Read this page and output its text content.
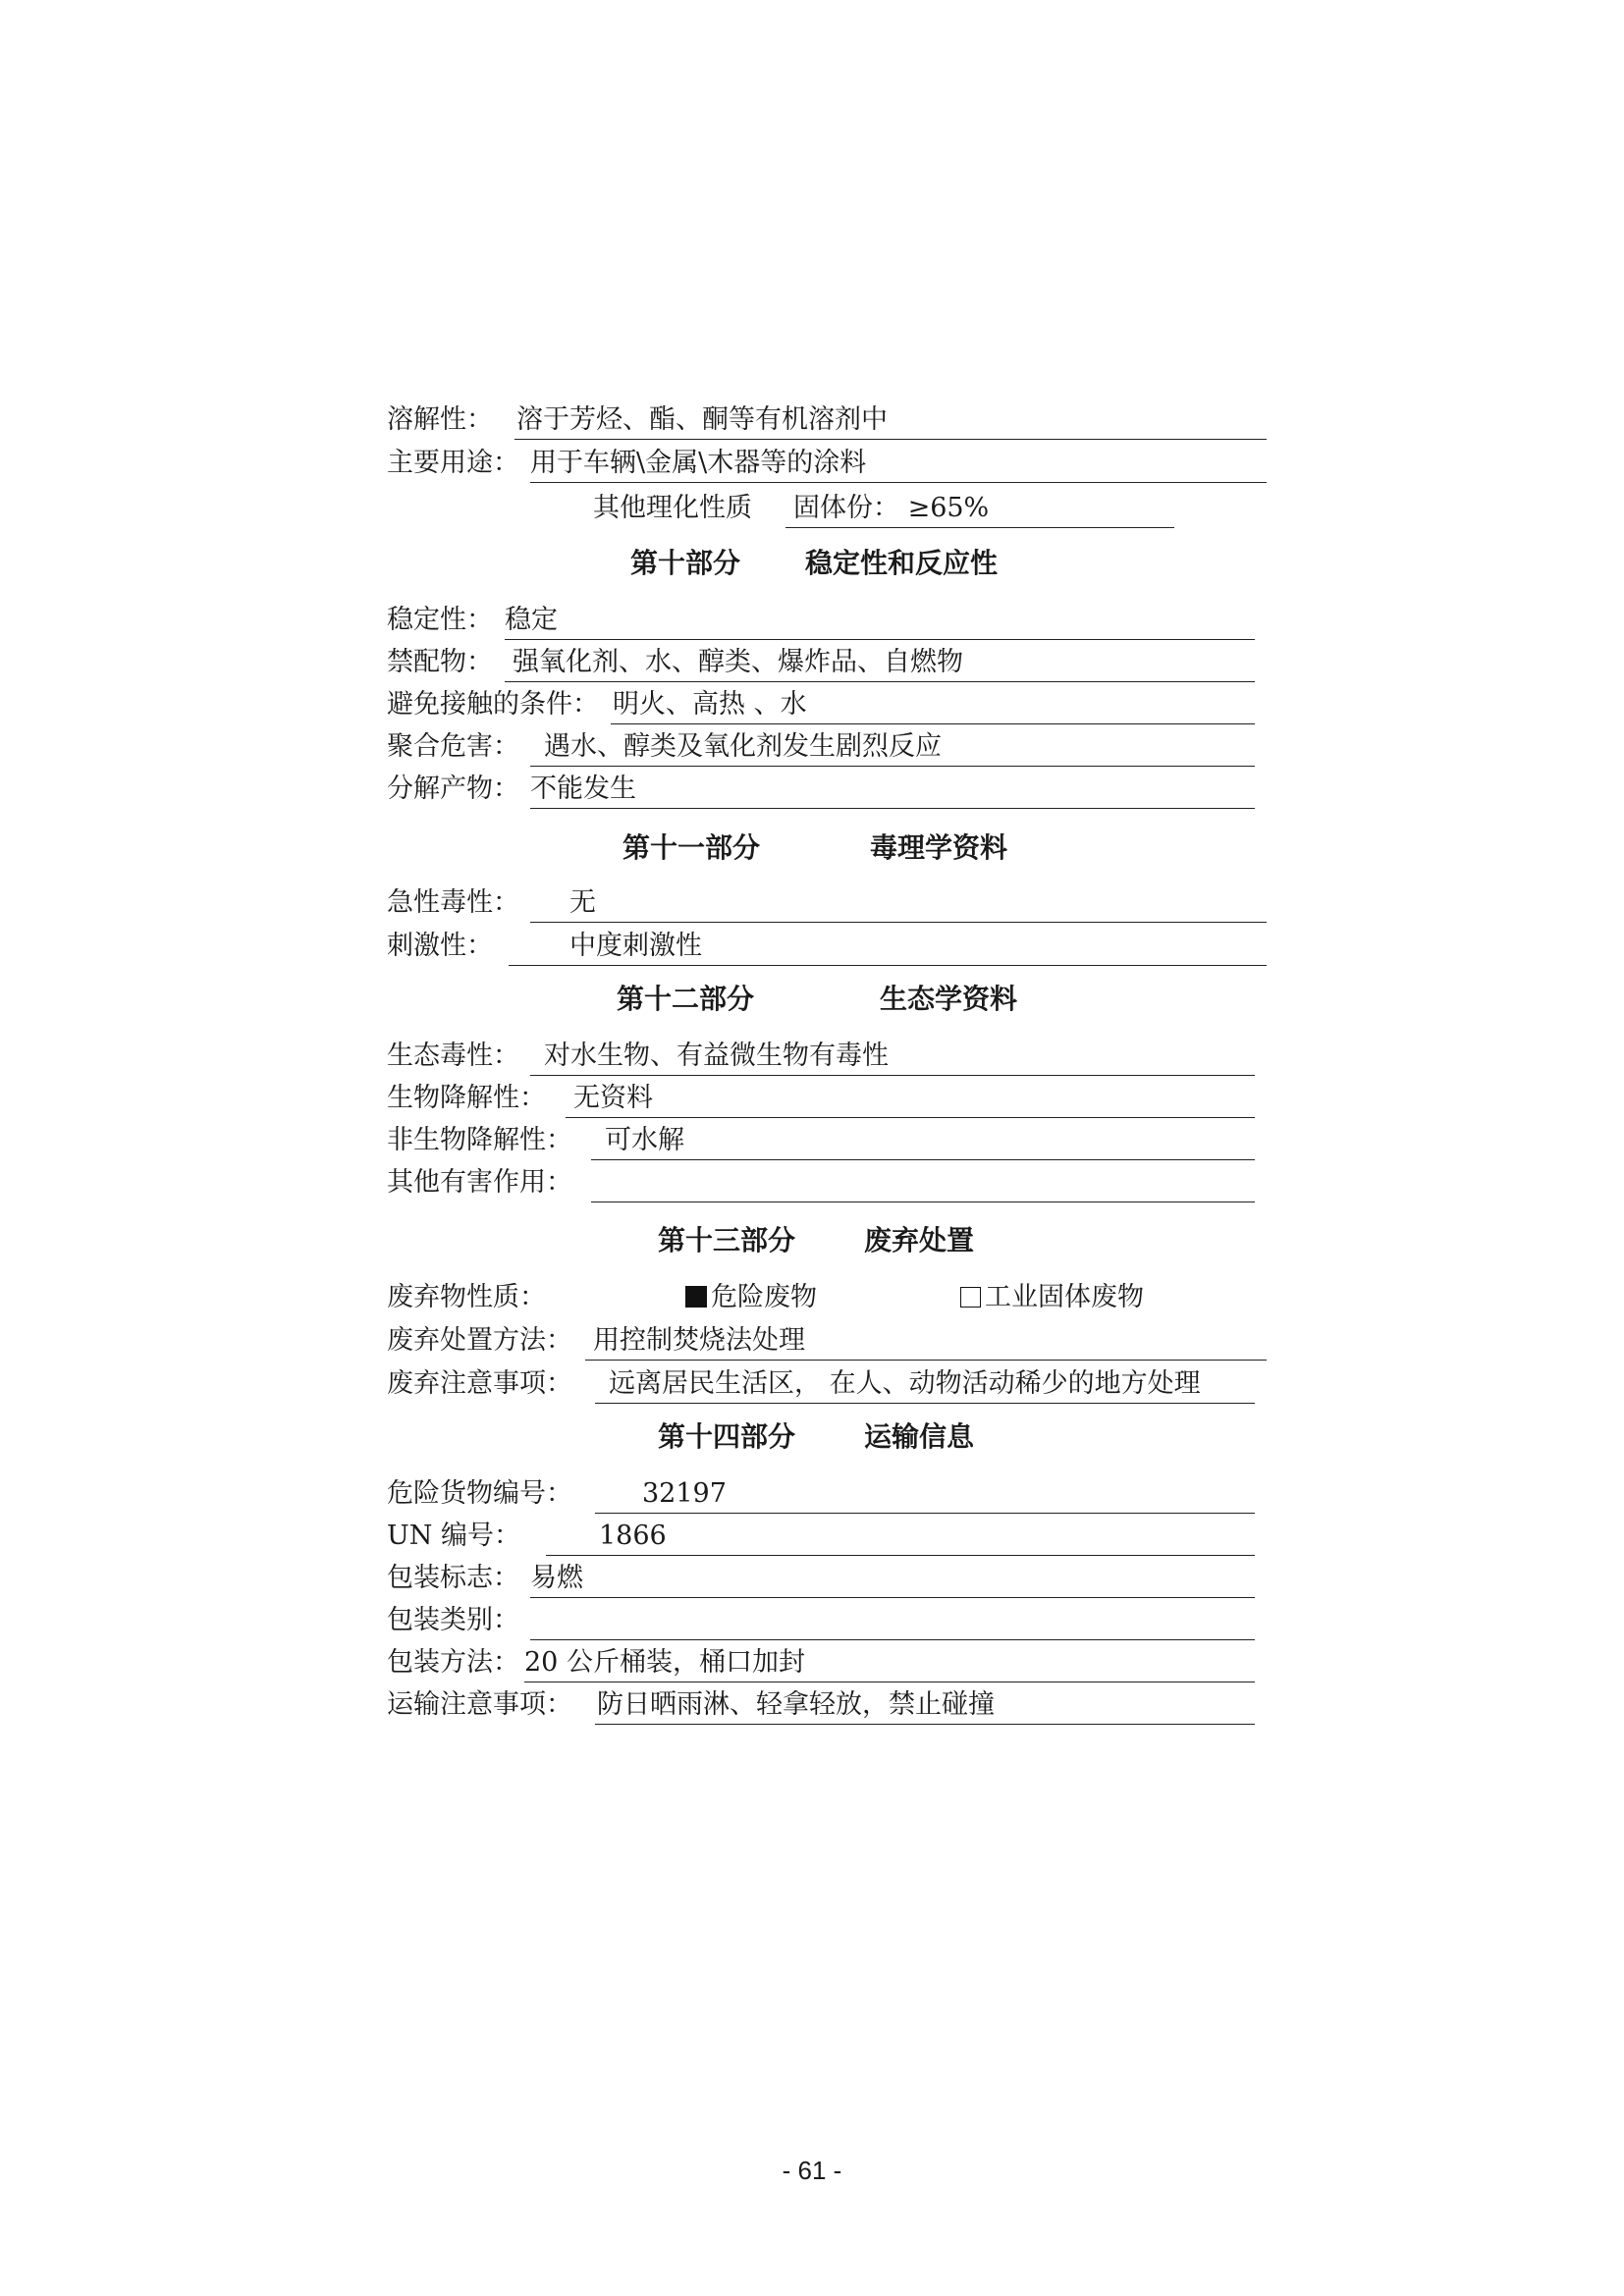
溶解性： 溶于芳烃、酯、酮等有机溶剂中
主要用途： 用于车辆\金属\木器等的涂料
其他理化性质 固体份： ≥65%
第十部分 稳定性和反应性
稳定性： 稳定
禁配物： 强氧化剂、水、醇类、爆炸品、自燃物
避免接触的条件： 明火、高热 、水
聚合危害： 遇水、醇类及氧化剂发生剧烈反应
分解产物： 不能发生
第十一部分	毒理学资料
急性毒性： 无
刺激性：	中度刺激性
第十二部分	生态学资料
生态毒性： 对水生物、有益微生物有毒性
生物降解性： 无资料
非生物降解性： 可水解
其他有害作用：
第十三部分 废弃处置
废弃物性质：	危险废物	工业固体废物
废弃处置方法： 用控制焚烧法处理
废弃注意事项： 远离居民生活区， 在人、动物活动稀少的地方处理
第十四部分 运输信息
危险货物编号：	32197
UN 编号：	1866
包装标志： 易燃
包装类别：
包装方法： 20 公斤桶装，桶口加封
运输注意事项： 防日晒雨淋、轻拿轻放，禁止碰撞
- 61 -
